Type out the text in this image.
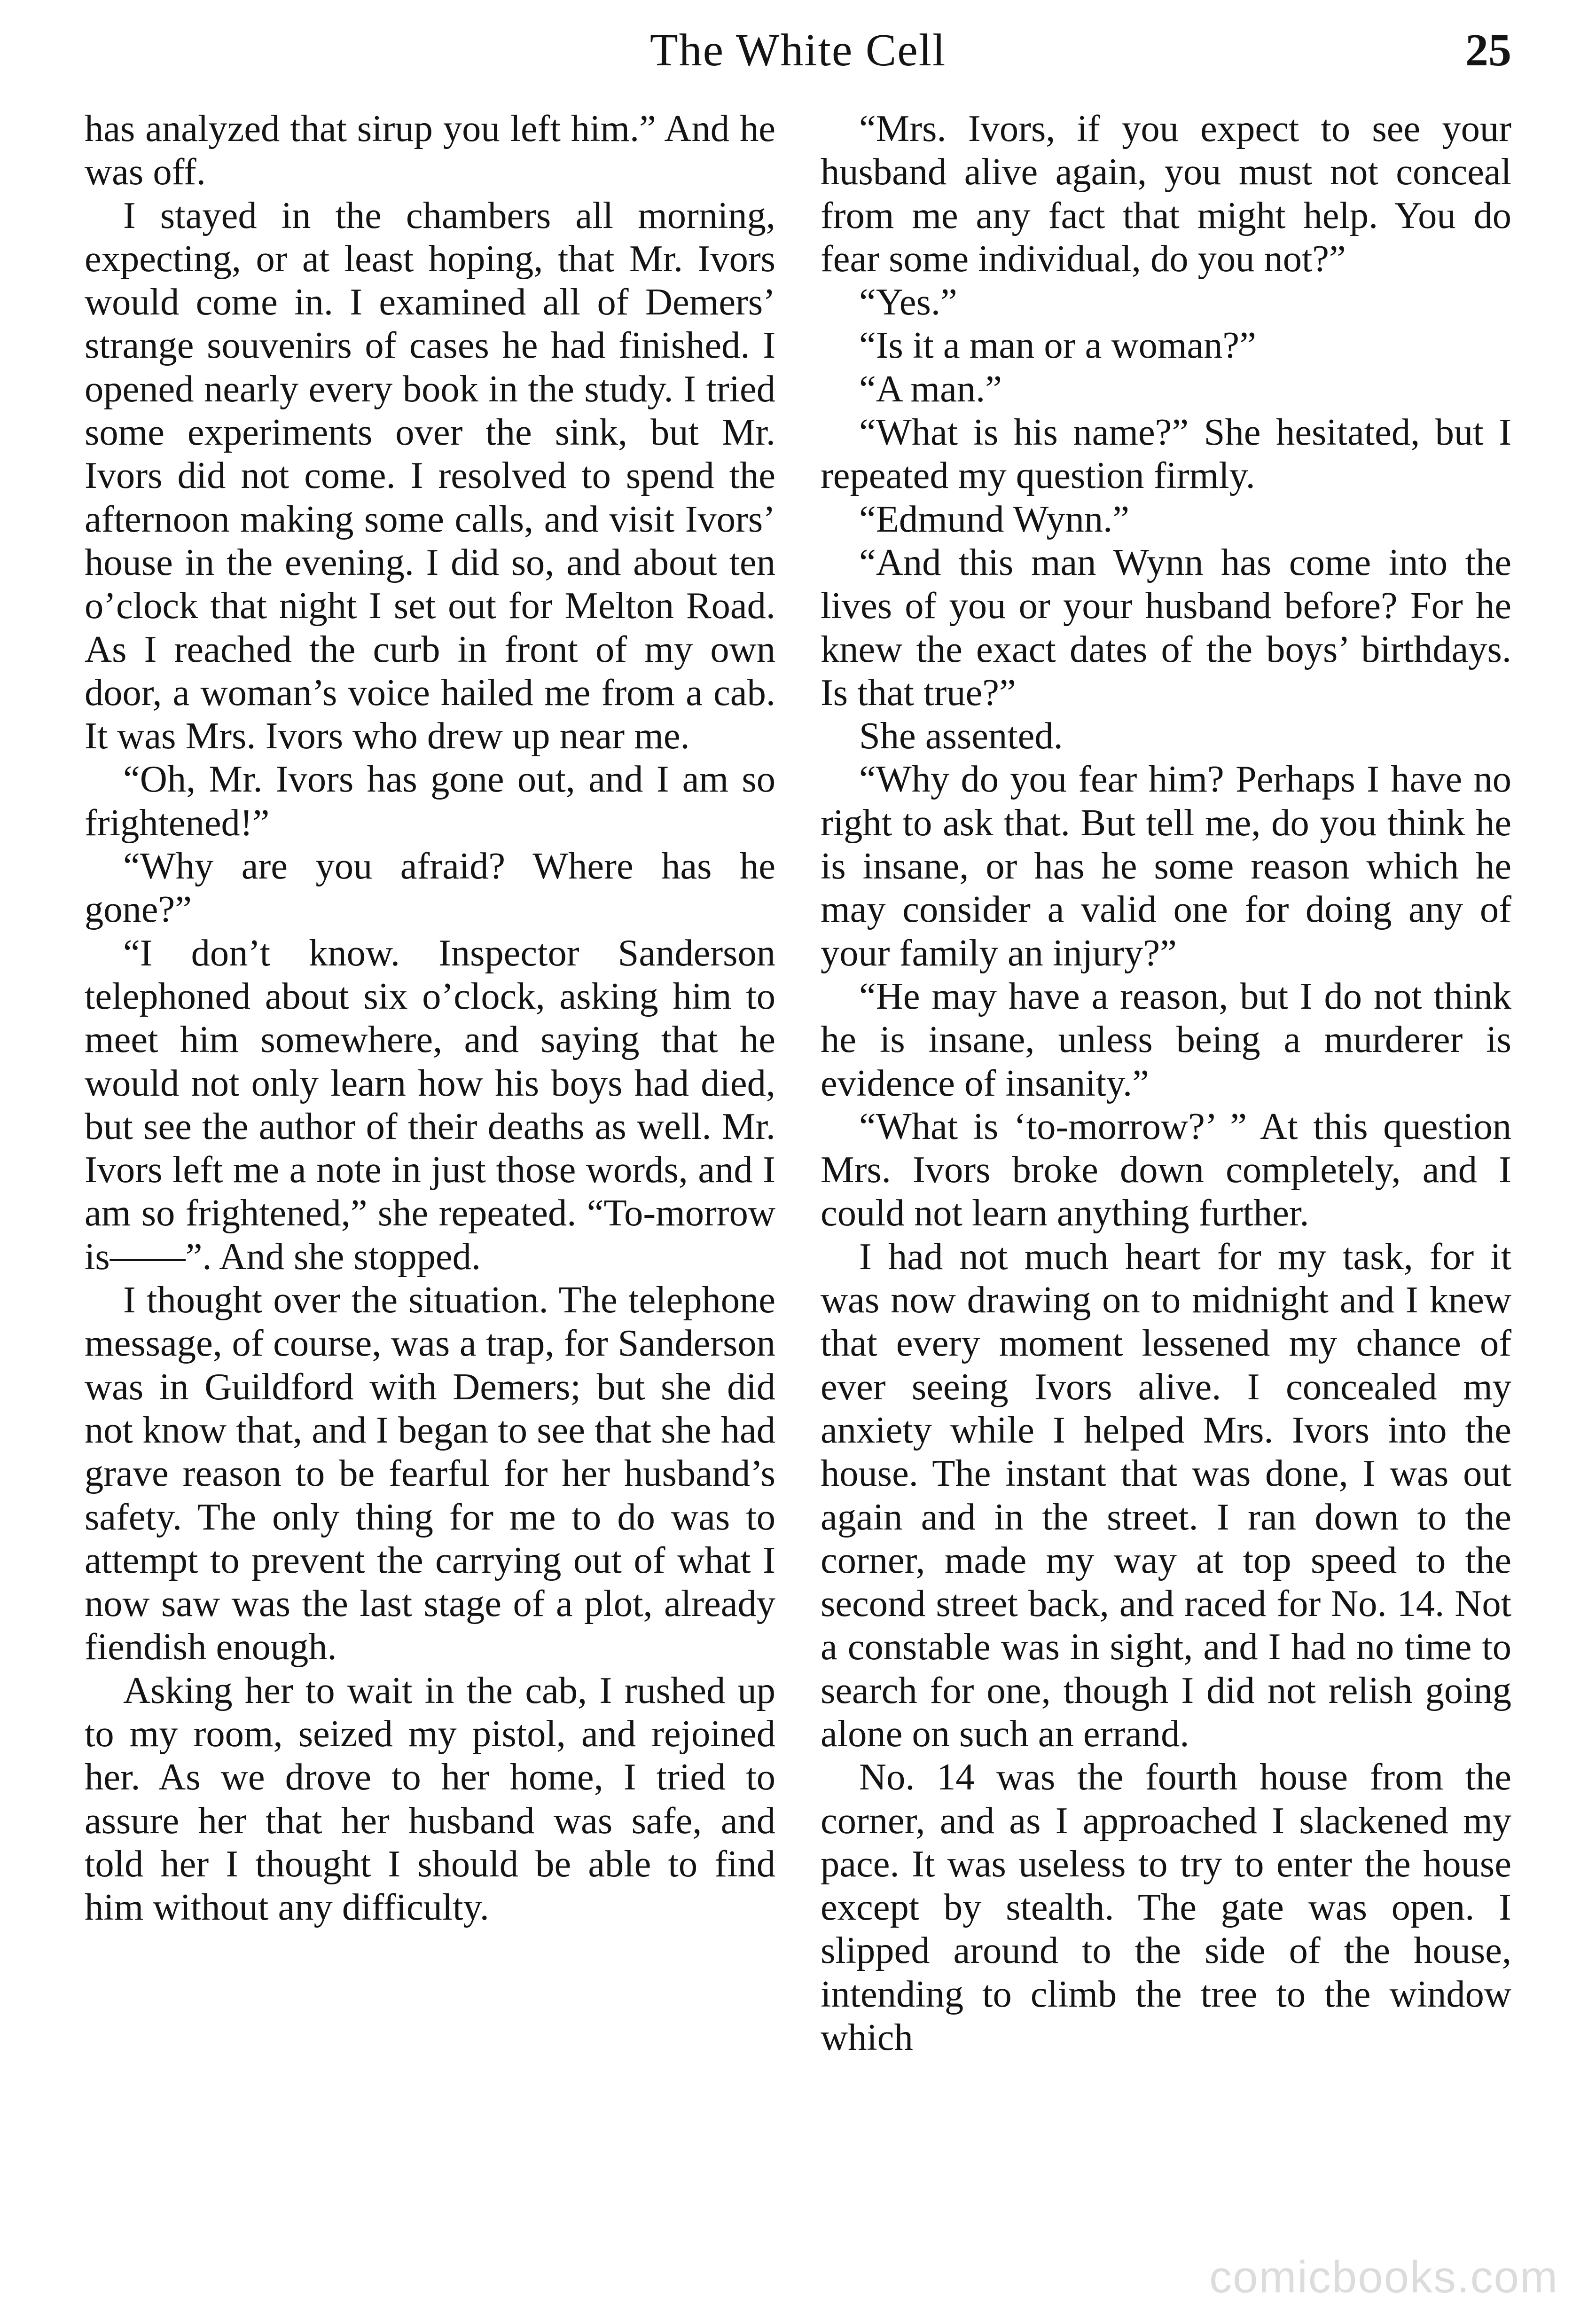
The White Cell	25

has analyzed that sirup you left him.” And he was off.

I stayed in the chambers all morning, expecting, or at least hoping, that Mr. Ivors would come in. I examined all of Demers’ strange souvenirs of cases he had finished. I opened nearly every book in the study. I tried some experiments over the sink, but Mr. Ivors did not come. I resolved to spend the afternoon making some calls, and visit Ivors’ house in the evening. I did so, and about ten o’clock that night I set out for Melton Road. As I reached the curb in front of my own door, a woman’s voice hailed me from a cab. It was Mrs. Ivors who drew up near me.

“Oh, Mr. Ivors has gone out, and I am so frightened!”

“Why are you afraid? Where has he gone?”

“I don’t know. Inspector Sanderson telephoned about six o’clock, asking him to meet him somewhere, and saying that he would not only learn how his boys had died, but see the author of their deaths as well. Mr. Ivors left me a note in just those words, and I am so frightened,” she repeated. “To-morrow is——”. And she stopped.

I thought over the situation. The telephone message, of course, was a trap, for Sanderson was in Guildford with Demers; but she did not know that, and I began to see that she had grave reason to be fearful for her husband’s safety. The only thing for me to do was to attempt to prevent the carrying out of what I now saw was the last stage of a plot, already fiendish enough.

Asking her to wait in the cab, I rushed up to my room, seized my pistol, and rejoined her. As we drove to her home, I tried to assure her that her husband was safe, and told her I thought I should be able to find him without any difficulty.

“Mrs. Ivors, if you expect to see your husband alive again, you must not conceal from me any fact that might help. You do fear some individual, do you not?”

“Yes.”

“Is it a man or a woman?”

“A man.”

“What is his name?” She hesitated, but I repeated my question firmly.

“Edmund Wynn.”

“And this man Wynn has come into the lives of you or your husband before? For he knew the exact dates of the boys’ birthdays. Is that true?”

She assented.

“Why do you fear him? Perhaps I have no right to ask that. But tell me, do you think he is insane, or has he some reason which he may consider a valid one for doing any of your family an injury?”

“He may have a reason, but I do not think he is insane, unless being a murderer is evidence of insanity.”

“What is ‘to-morrow?’ ” At this question Mrs. Ivors broke down completely, and I could not learn anything further.

I had not much heart for my task, for it was now drawing on to midnight and I knew that every moment lessened my chance of ever seeing Ivors alive. I concealed my anxiety while I helped Mrs. Ivors into the house. The instant that was done, I was out again and in the street. I ran down to the corner, made my way at top speed to the second street back, and raced for No. 14. Not a constable was in sight, and I had no time to search for one, though I did not relish going alone on such an errand.

No. 14 was the fourth house from the corner, and as I approached I slackened my pace. It was useless to try to enter the house except by stealth. The gate was open. I slipped around to the side of the house, intending to climb the tree to the window which

comicbooks.com
